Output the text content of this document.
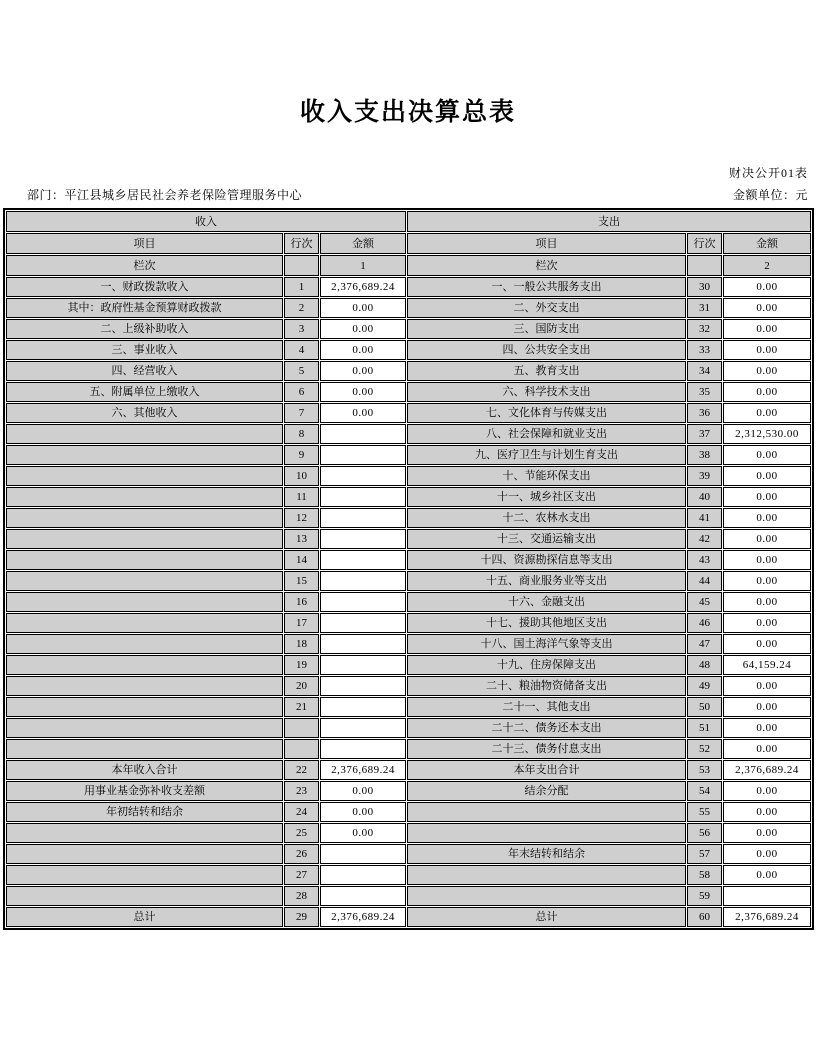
收入支出决算总表
财决公开01表
部门：平江县城乡居民社会养老保险管理服务中心	金额单位：元
收入			支出		
项目	行次	金额	项目	行次	金额
栏次		1	栏次		2
一、财政拨款收入	1	2,376,689.24	一、一般公共服务支出	30	0.00
其中：政府性基金预算财政拨款	2	0.00	二、外交支出	31	0.00
二、上级补助收入	3	0.00	三、国防支出	32	0.00
三、事业收入	4	0.00	四、公共安全支出	33	0.00
四、经营收入	5	0.00	五、教育支出	34	0.00
五、附属单位上缴收入	6	0.00	六、科学技术支出	35	0.00
六、其他收入	7	0.00	七、文化体育与传媒支出	36	0.00
	8		八、社会保障和就业支出	37	2,312,530.00
	9		九、医疗卫生与计划生育支出	38	0.00
	10		十、节能环保支出	39	0.00
	11		十一、城乡社区支出	40	0.00
	12		十二、农林水支出	41	0.00
	13		十三、交通运输支出	42	0.00
	14		十四、资源勘探信息等支出	43	0.00
	15		十五、商业服务业等支出	44	0.00
	16		十六、金融支出	45	0.00
	17		十七、援助其他地区支出	46	0.00
	18		十八、国土海洋气象等支出	47	0.00
	19		十九、住房保障支出	48	64,159.24
	20		二十、粮油物资储备支出	49	0.00
	21		二十一、其他支出	50	0.00
			二十二、债务还本支出	51	0.00
			二十三、债务付息支出	52	0.00
本年收入合计	22	2,376,689.24	本年支出合计	53	2,376,689.24
用事业基金弥补收支差额	23	0.00	结余分配	54	0.00
年初结转和结余	24	0.00		55	0.00
	25	0.00		56	0.00
	26		年末结转和结余	57	0.00
	27			58	0.00
	28			59	
总计	29	2,376,689.24	总计	60	2,376,689.24
